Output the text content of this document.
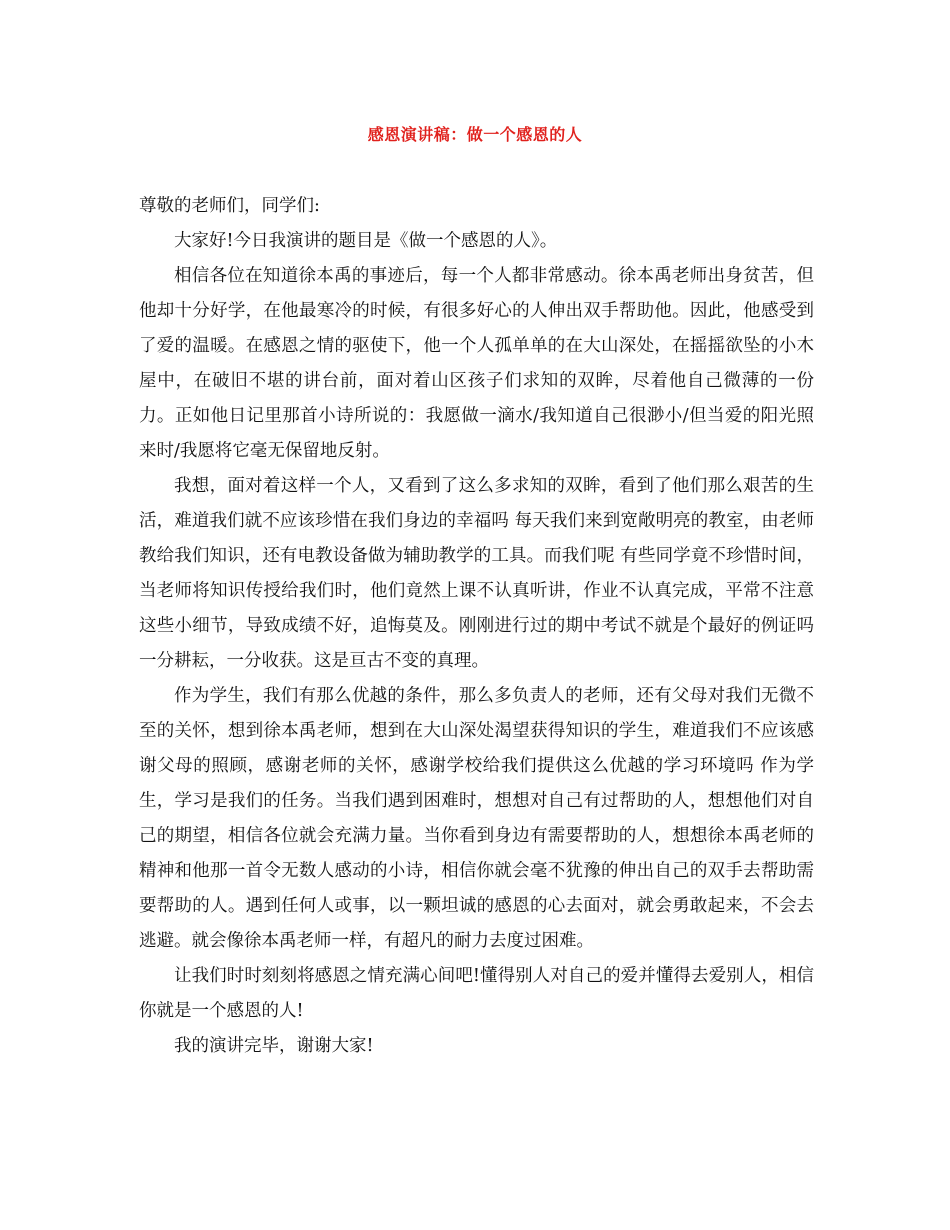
感恩演讲稿：做一个感恩的人

尊敬的老师们，同学们:

大家好!今日我演讲的题目是《做一个感恩的人》。

相信各位在知道徐本禹的事迹后，每一个人都非常感动。徐本禹老师出身贫苦，但他却十分好学，在他最寒冷的时候，有很多好心的人伸出双手帮助他。因此，他感受到了爱的温暖。在感恩之情的驱使下，他一个人孤单单的在大山深处，在摇摇欲坠的小木屋中，在破旧不堪的讲台前，面对着山区孩子们求知的双眸，尽着他自己微薄的一份力。正如他日记里那首小诗所说的：我愿做一滴水/我知道自己很渺小/但当爱的阳光照来时/我愿将它毫无保留地反射。

我想，面对着这样一个人，又看到了这么多求知的双眸，看到了他们那么艰苦的生活，难道我们就不应该珍惜在我们身边的幸福吗 每天我们来到宽敞明亮的教室，由老师教给我们知识，还有电教设备做为辅助教学的工具。而我们呢 有些同学竟不珍惜时间，当老师将知识传授给我们时，他们竟然上课不认真听讲，作业不认真完成，平常不注意这些小细节，导致成绩不好，追悔莫及。刚刚进行过的期中考试不就是个最好的例证吗 一分耕耘，一分收获。这是亘古不变的真理。

作为学生，我们有那么优越的条件，那么多负责人的老师，还有父母对我们无微不至的关怀，想到徐本禹老师，想到在大山深处渴望获得知识的学生，难道我们不应该感谢父母的照顾，感谢老师的关怀，感谢学校给我们提供这么优越的学习环境吗 作为学生，学习是我们的任务。当我们遇到困难时，想想对自己有过帮助的人，想想他们对自己的期望，相信各位就会充满力量。当你看到身边有需要帮助的人，想想徐本禹老师的精神和他那一首令无数人感动的小诗，相信你就会毫不犹豫的伸出自己的双手去帮助需要帮助的人。遇到任何人或事，以一颗坦诚的感恩的心去面对，就会勇敢起来，不会去逃避。就会像徐本禹老师一样，有超凡的耐力去度过困难。

让我们时时刻刻将感恩之情充满心间吧!懂得别人对自己的爱并懂得去爱别人，相信你就是一个感恩的人!

我的演讲完毕，谢谢大家!
